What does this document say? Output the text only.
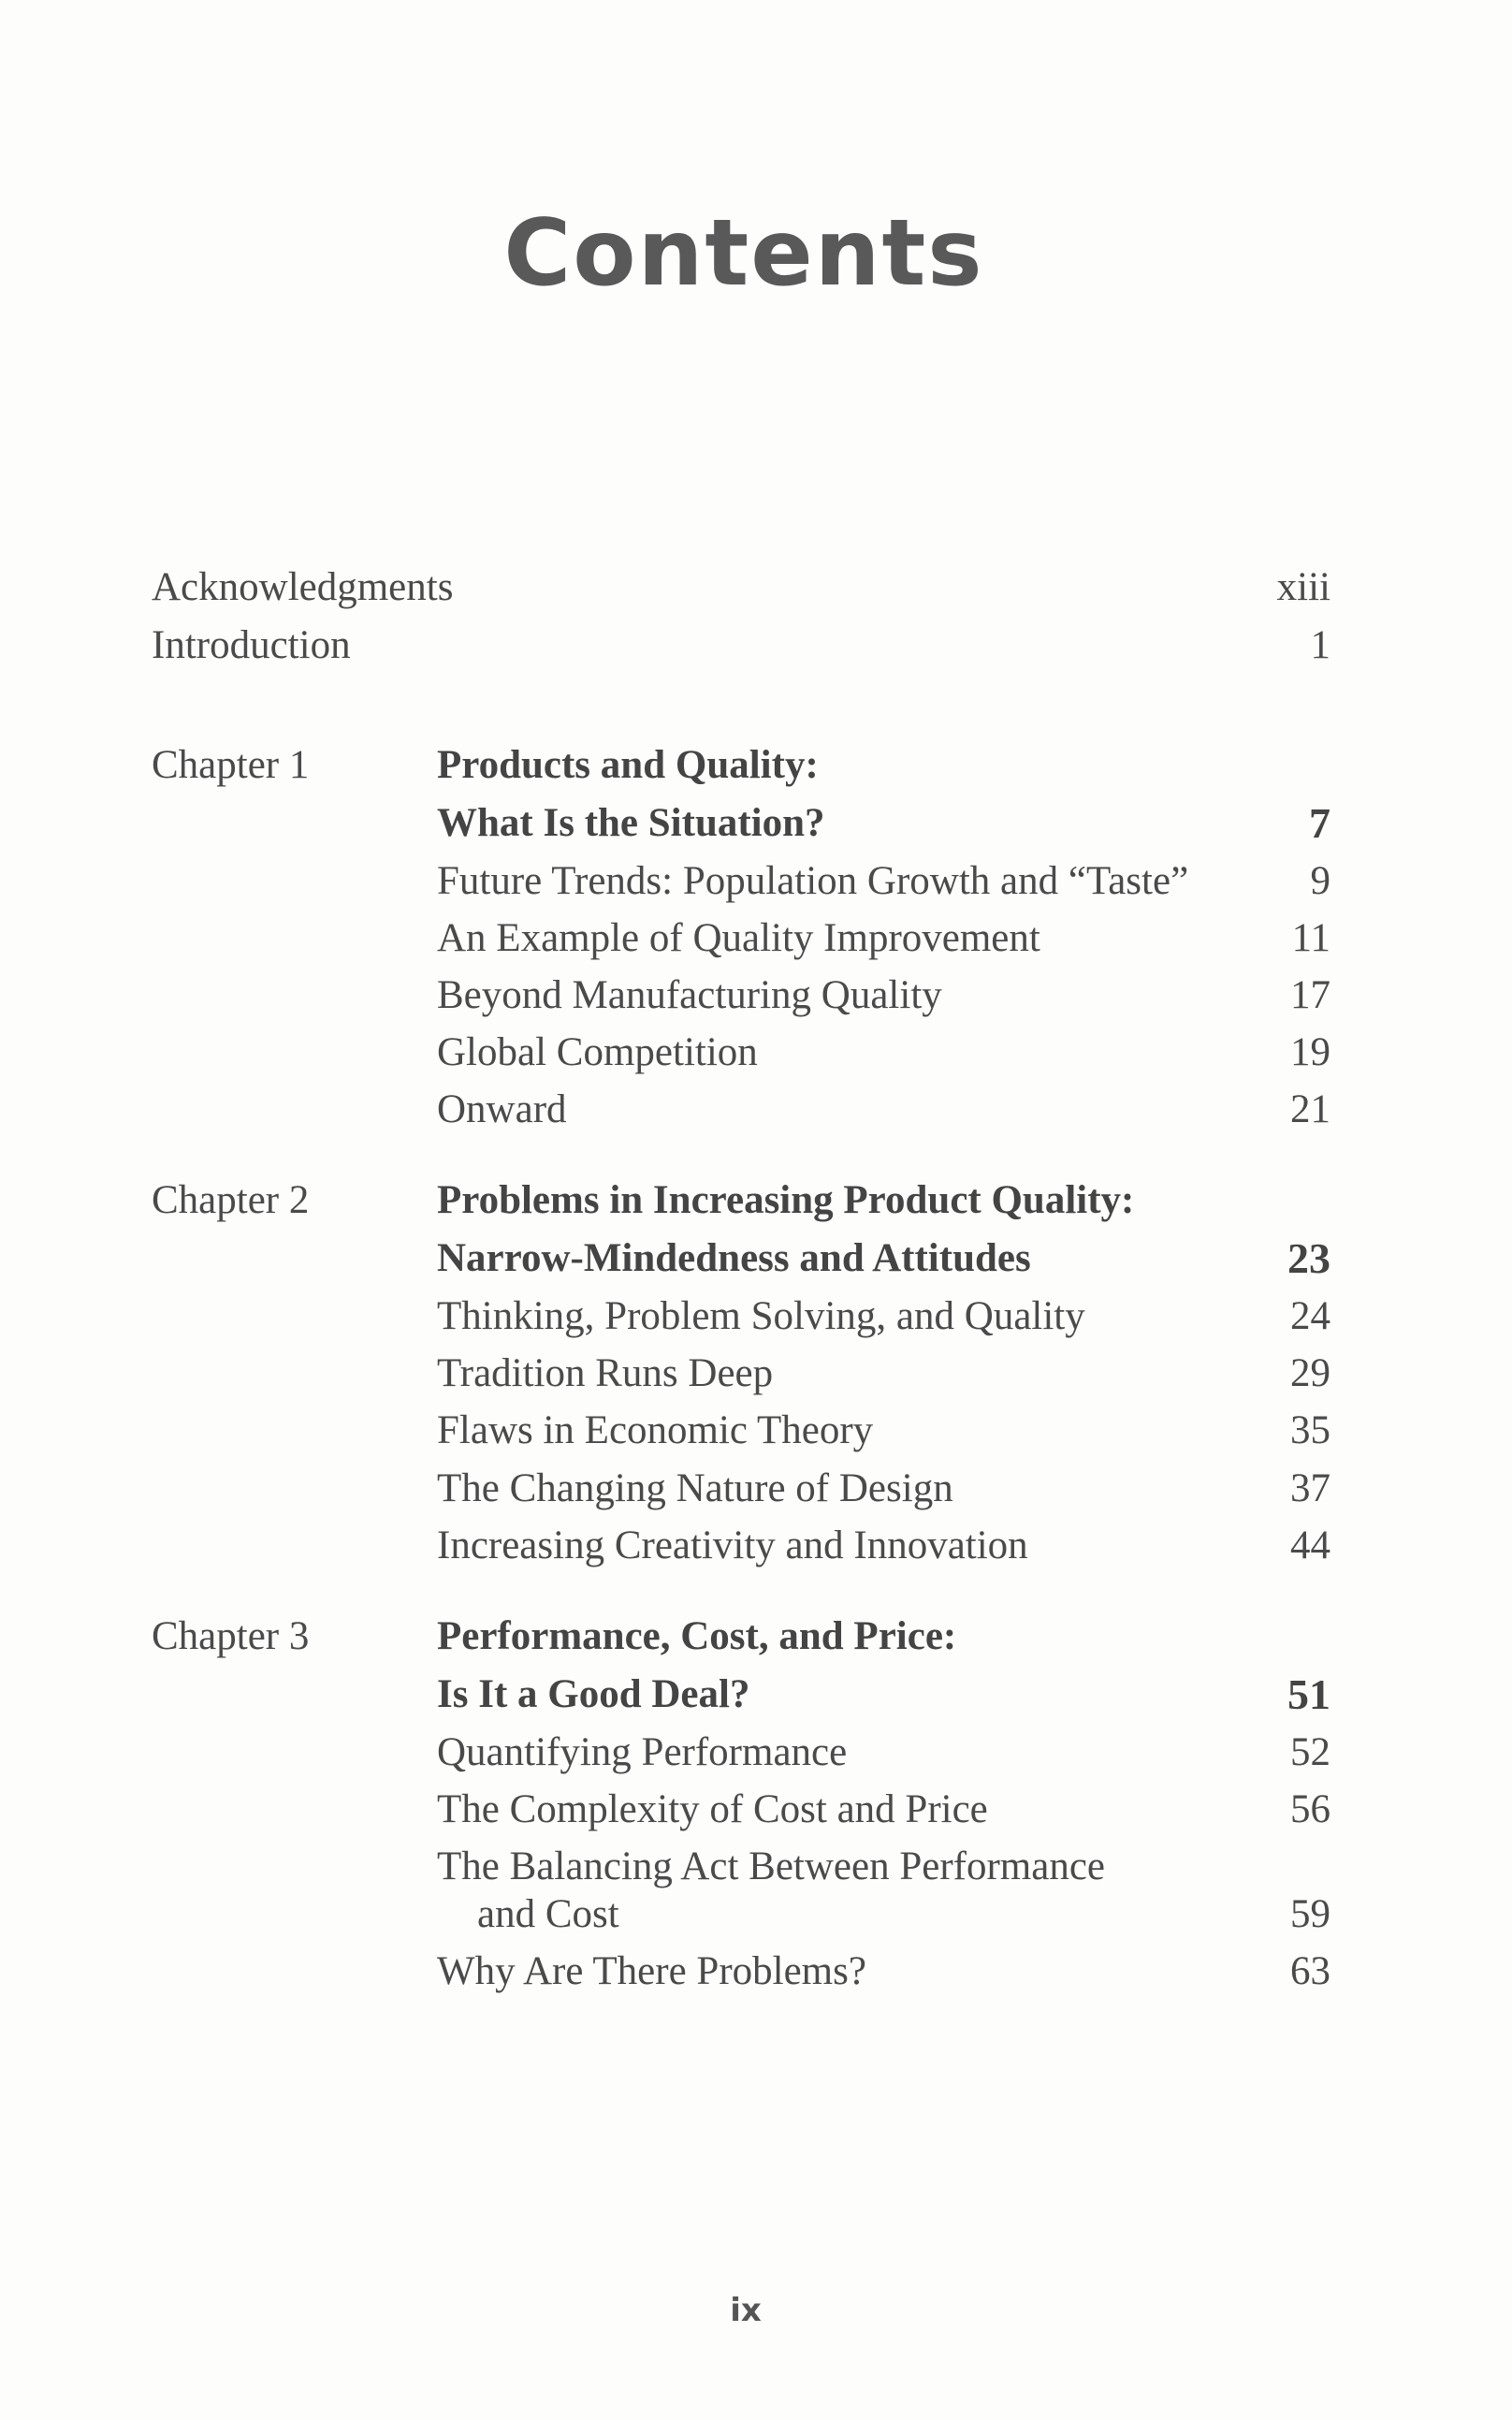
Contents
Acknowledgments	xiii
Introduction	1
Chapter 1	Products and Quality:
What Is the Situation?	7
Future Trends: Population Growth and “Taste”	9
An Example of Quality Improvement	11
Beyond Manufacturing Quality	17
Global Competition	19
Onward	21
Chapter 2	Problems in Increasing Product Quality:
Narrow-Mindedness and Attitudes	23
Thinking, Problem Solving, and Quality	24
Tradition Runs Deep	29
Flaws in Economic Theory	35
The Changing Nature of Design	37
Increasing Creativity and Innovation	44
Chapter 3	Performance, Cost, and Price:
Is It a Good Deal?	51
Quantifying Performance	52
The Complexity of Cost and Price	56
The Balancing Act Between Performance
and Cost	59
Why Are There Problems?	63
ix
